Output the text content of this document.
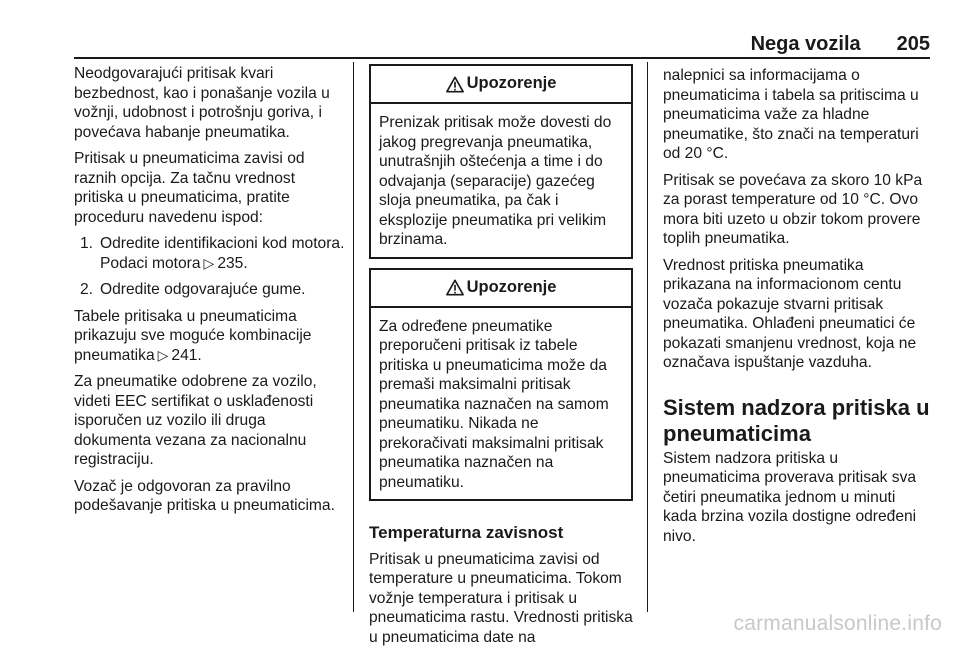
Nega vozila 205

Neodgovarajući pritisak kvari bezbednost, kao i ponašanje vozila u vožnji, udobnost i potrošnju goriva, i povećava habanje pneumatika.

Pritisak u pneumaticima zavisi od raznih opcija. Za tačnu vrednost pritiska u pneumaticima, pratite proceduru navedenu ispod:

1. Odredite identifikacioni kod motora. Podaci motora ▷ 235.
2. Odredite odgovarajuće gume.

Tabele pritisaka u pneumaticima prikazuju sve moguće kombinacije pneumatika ▷ 241.

Za pneumatike odobrene za vozilo, videti EEC sertifikat o usklađenosti isporučen uz vozilo ili druga dokumenta vezana za nacionalnu registraciju.

Vozač je odgovoran za pravilno podešavanje pritiska u pneumaticima.

Upozorenje
Prenizak pritisak može dovesti do jakog pregrevanja pneumatika, unutrašnjih oštećenja a time i do odvajanja (separacije) gazećeg sloja pneumatika, pa čak i eksplozije pneumatika pri velikim brzinama.
Upozorenje
Za određene pneumatike preporučeni pritisak iz tabele pritiska u pneumaticima može da premaši maksimalni pritisak pneumatika naznačen na samom pneumatiku. Nikada ne prekoračivati maksimalni pritisak pneumatika naznačen na pneumatiku.
Temperaturna zavisnost

Pritisak u pneumaticima zavisi od temperature u pneumaticima. Tokom vožnje temperatura i pritisak u pneumaticima rastu. Vrednosti pritiska u pneumaticima date na

nalepnici sa informacijama o pneumaticima i tabela sa pritiscima u pneumaticima važe za hladne pneumatike, što znači na temperaturi od 20 °C.

Pritisak se povećava za skoro 10 kPa za porast temperature od 10 °C. Ovo mora biti uzeto u obzir tokom provere toplih pneumatika.

Vrednost pritiska pneumatika prikazana na informacionom centu vozača pokazuje stvarni pritisak pneumatika. Ohlađeni pneumatici će pokazati smanjenu vrednost, koja ne označava ispuštanje vazduha.

Sistem nadzora pritiska u pneumaticima

Sistem nadzora pritiska u pneumaticima proverava pritisak sva četiri pneumatika jednom u minuti kada brzina vozila dostigne određeni nivo.

carmanualsonline.info
